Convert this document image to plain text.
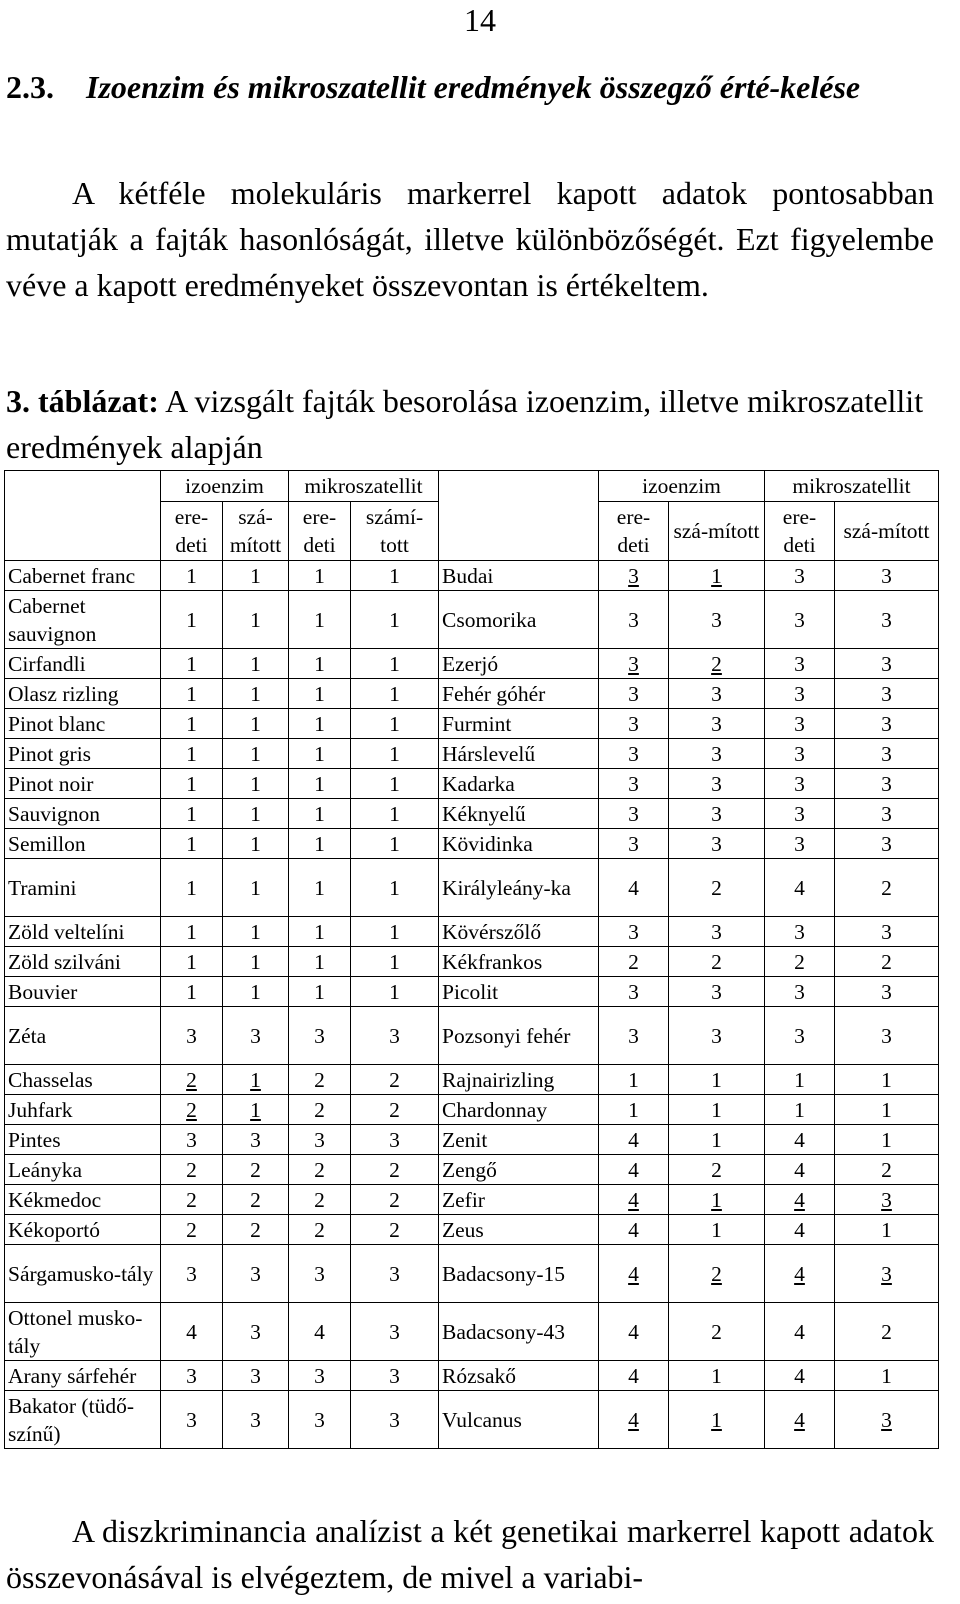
14
2.3. Izoenzim és mikroszatellit eredmények összegző érté-kelése
A kétféle molekuláris markerrel kapott adatok pontosabban mutatják a fajták hasonlóságát, illetve különbözőségét. Ezt figyelembe véve a kapott eredményeket összevontan is értékeltem.
3. táblázat: A vizsgált fajták besorolása izoenzim, illetve mikroszatellit eredmények alapján
	izoenzim		mikroszatellit			izoenzim		mikroszatellit	
	ere-deti	szá-mított	ere-deti	számí-tott		ere-deti	szá-mított	ere-deti	szá-mított
Cabernet franc	1	1	1	1	Budai	3	1	3	3
Cabernet sauvignon	1	1	1	1	Csomorika	3	3	3	3
Cirfandli	1	1	1	1	Ezerjó	3	2	3	3
Olasz rizling	1	1	1	1	Fehér góhér	3	3	3	3
Pinot blanc	1	1	1	1	Furmint	3	3	3	3
Pinot gris	1	1	1	1	Hárslevelű	3	3	3	3
Pinot noir	1	1	1	1	Kadarka	3	3	3	3
Sauvignon	1	1	1	1	Kéknyelű	3	3	3	3
Semillon	1	1	1	1	Kövidinka	3	3	3	3
Tramini	1	1	1	1	Királyleány-ka	4	2	4	2
Zöld veltelíni	1	1	1	1	Kövérszőlő	3	3	3	3
Zöld szilváni	1	1	1	1	Kékfrankos	2	2	2	2
Bouvier	1	1	1	1	Picolit	3	3	3	3
Zéta	3	3	3	3	Pozsonyi fehér	3	3	3	3
Chasselas	2	1	2	2	Rajnairizling	1	1	1	1
Juhfark	2	1	2	2	Chardonnay	1	1	1	1
Pintes	3	3	3	3	Zenit	4	1	4	1
Leányka	2	2	2	2	Zengő	4	2	4	2
Kékmedoc	2	2	2	2	Zefir	4	1	4	3
Kékoportó	2	2	2	2	Zeus	4	1	4	1
Sárgamusko-tály	3	3	3	3	Badacsony-15	4	2	4	3
Ottonel musko-tály	4	3	4	3	Badacsony-43	4	2	4	2
Arany sárfehér	3	3	3	3	Rózsakő	4	1	4	1
Bakator (tüdő-színű)	3	3	3	3	Vulcanus	4	1	4	3
A diszkriminancia analízist a két genetikai markerrel kapott adatok összevonásával is elvégeztem, de mivel a variabi-
